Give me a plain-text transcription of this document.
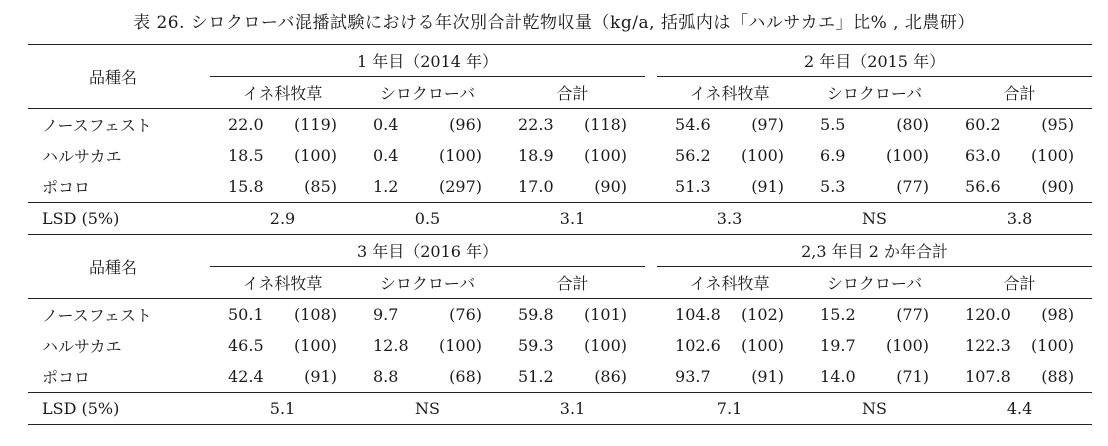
表 26. シロクローバ混播試験における年次別合計乾物収量（kg/a, 括弧内は「ハルサカエ」比% , 北農研）
品種名		1 年目（2014 年）				2 年目（2015 年）		
		イネ科牧草	シロクローバ	合計		イネ科牧草	シロクローバ	合計
ノースフェスト		22.0 (119)	0.4 (96)	22.3 (118)		54.6 (97)	5.5 (80)	60.2 (95)

ハルサカエ		18.5 (100)	0.4 (100)	18.9 (100)		56.2 (100)	6.9 (100)	63.0 (100)

ポコロ		15.8 (85)	1.2 (297)	17.0 (90)		51.3 (91)	5.3 (77)	56.6 (90)

LSD (5%)		2.9	0.5	3.1		3.3	NS	3.8
品種名		3 年目（2016 年）				2,3 年目 2 か年合計		
		イネ科牧草	シロクローバ	合計		イネ科牧草	シロクローバ	合計
ノースフェスト		50.1 (108)	9.7 (76)	59.8 (101)		104.8 (102)	15.2 (77)	120.0 (98)

ハルサカエ		46.5 (100)	12.8 (100)	59.3 (100)		102.6 (100)	19.7 (100)	122.3 (100)

ポコロ		42.4 (91)	8.8 (68)	51.2 (86)		93.7 (91)	14.0 (71)	107.8 (88)

LSD (5%)		5.1	NS	3.1		7.1	NS	4.4
